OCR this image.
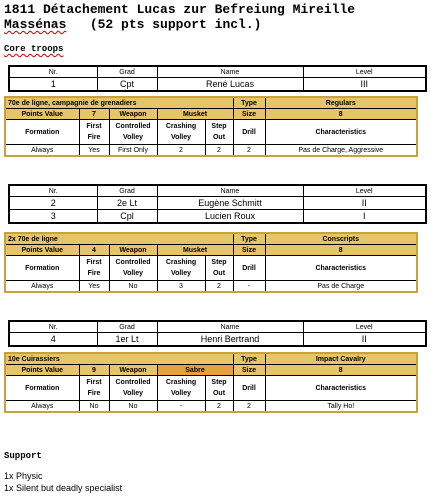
1811 Détachement Lucas zur Befreiung Mireille
Massénas   (52 pts support incl.)
Core troops
Nr.	Grad	Name	Level
1	Cpt	René Lucas	III
70e de ligne, campagnie de grenadiers					Type	Regulars
Points Value	7	Weapon	Musket		Size	8
Formation	First Fire	Controlled Volley	Crashing Volley	Step Out	Drill	Characteristics
Always	Yes	First Only	2	2	2	Pas de Charge, Aggressive
Nr.	Grad	Name	Level
2	2e Lt	Eugène Schmitt	II
3	Cpl	Lucien Roux	I
2x 70e de ligne					Type	Conscripts
Points Value	4	Weapon	Musket		Size	8
Formation	First Fire	Controlled Volley	Crashing Volley	Step Out	Drill	Characteristics
Always	Yes	No	3	2	-	Pas de Charge
Nr.	Grad	Name	Level
4	1er Lt	Henri Bertrand	II
10e Cuirassiers					Type	Impact Cavalry
Points Value	9	Weapon	Sabre		Size	8
Formation	First Fire	Controlled Volley	Crashing Volley	Step Out	Drill	Characteristics
Always	No	No	-	2	2	Tally Ho!
Support
1x Physic
1x Silent but deadly specialist
